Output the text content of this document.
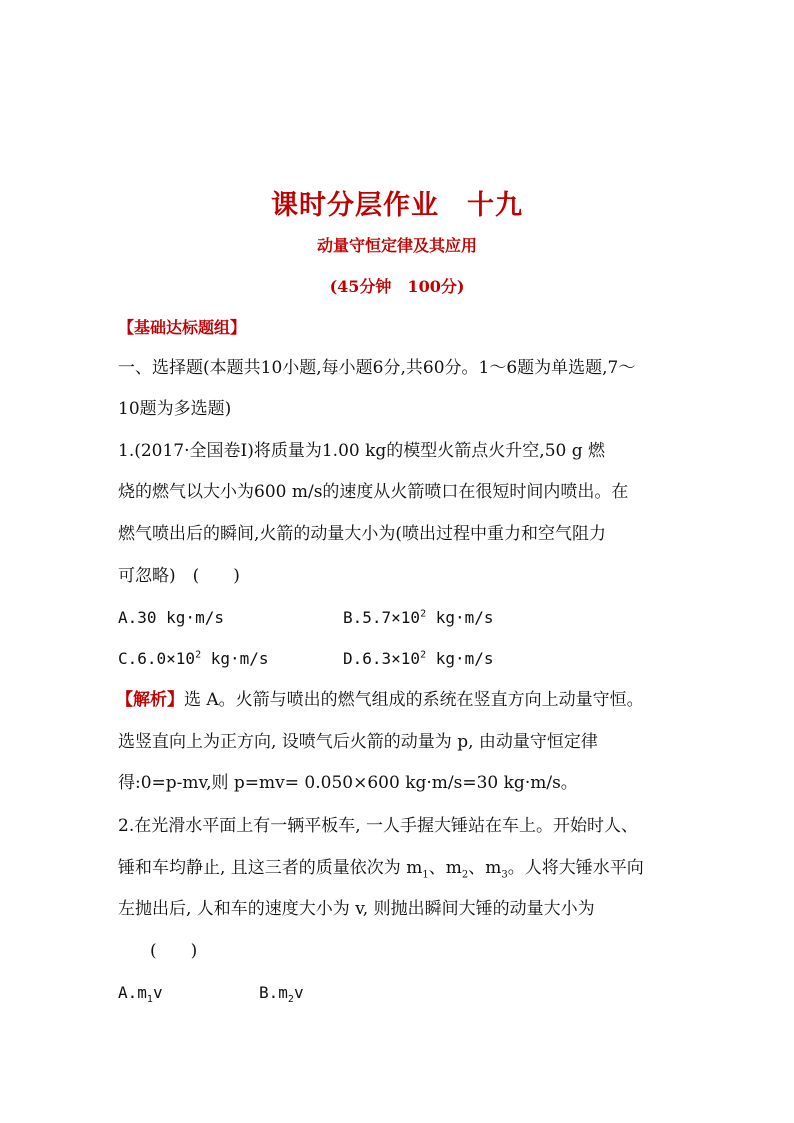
课时分层作业　十九
动量守恒定律及其应用
(45分钟　100分)
【基础达标题组】
一、选择题(本题共10小题,每小题6分,共60分。1～6题为单选题,7～
10题为多选题)
1.(2017·全国卷Ⅰ)将质量为1.00 kg的模型火箭点火升空,50 g 燃
烧的燃气以大小为600 m/s的速度从火箭喷口在很短时间内喷出。在
燃气喷出后的瞬间,火箭的动量大小为(喷出过程中重力和空气阻力
可忽略)　(　　)
A.30 kg·m/s	$B.5.7\times 10^2$ kg·m/s
$C.6.0\times 10^2$ kg·m/s	$D.6.3\times 10^2$ kg·m/s
【解析】选 A。火箭与喷出的燃气组成的系统在竖直方向上动量守恒。
选竖直向上为正方向, 设喷气后火箭的动量为 p, 由动量守恒定律
得:0=p-mv,则 p=mv= 0.050×600 kg·m/s=30 kg·m/s。
2.在光滑水平面上有一辆平板车, 一人手握大锤站在车上。开始时人、
锤和车均静止, 且这三者的质量依次为 $m_1$、$m_2$、$m_3$。人将大锤水平向
左抛出后, 人和车的速度大小为 v, 则抛出瞬间大锤的动量大小为
(　　)
$A.m_1v$	$B.m_2v$
